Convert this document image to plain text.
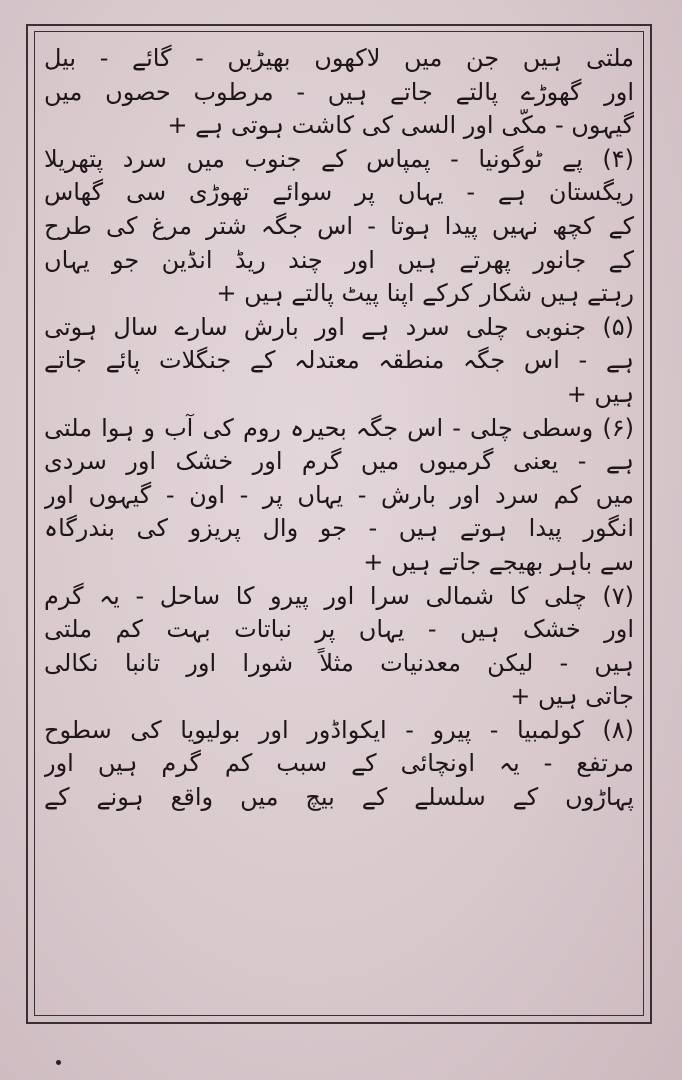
ملتی ہیں جن میں لاکھوں بھیڑیں - گائے - بیل
اور گھوڑے پالتے جاتے ہیں - مرطوب حصوں میں
گیہوں - مکّی اور السی کی کاشت ہوتی ہے +
(۴) پے ٹوگونیا - پمپاس کے جنوب میں سرد پتھریلا
ریگستان ہے - یہاں پر سوائے تھوڑی سی گھاس
کے کچھ نہیں پیدا ہوتا - اس جگہ شتر مرغ کی طرح
کے جانور پھرتے ہیں اور چند ریڈ انڈین جو یہاں
رہتے ہیں شکار کرکے اپنا پیٹ پالتے ہیں +
(۵) جنوبی چلی سرد ہے اور بارش سارے سال ہوتی
ہے - اس جگہ منطقہ معتدلہ کے جنگلات پائے جاتے
ہیں +
(۶) وسطی چلی - اس جگہ بحیرہ روم کی آب و ہوا ملتی
ہے - یعنی گرمیوں میں گرم اور خشک اور سردی
میں کم سرد اور بارش - یہاں پر - اون - گیہوں اور
انگور پیدا ہوتے ہیں - جو وال پریزو کی بندرگاہ
سے باہر بھیجے جاتے ہیں +
(۷) چلی کا شمالی سرا اور پیرو کا ساحل - یہ گرم
اور خشک ہیں - یہاں پر نباتات بہت کم ملتی
ہیں - لیکن معدنیات مثلاً شورا اور تانبا نکالی
جاتی ہیں +
(۸) کولمبیا - پیرو - ایکواڈور اور بولیویا کی سطوح
مرتفع - یہ اونچائی کے سبب کم گرم ہیں اور
پہاڑوں کے سلسلے کے بیچ میں واقع ہونے کے
